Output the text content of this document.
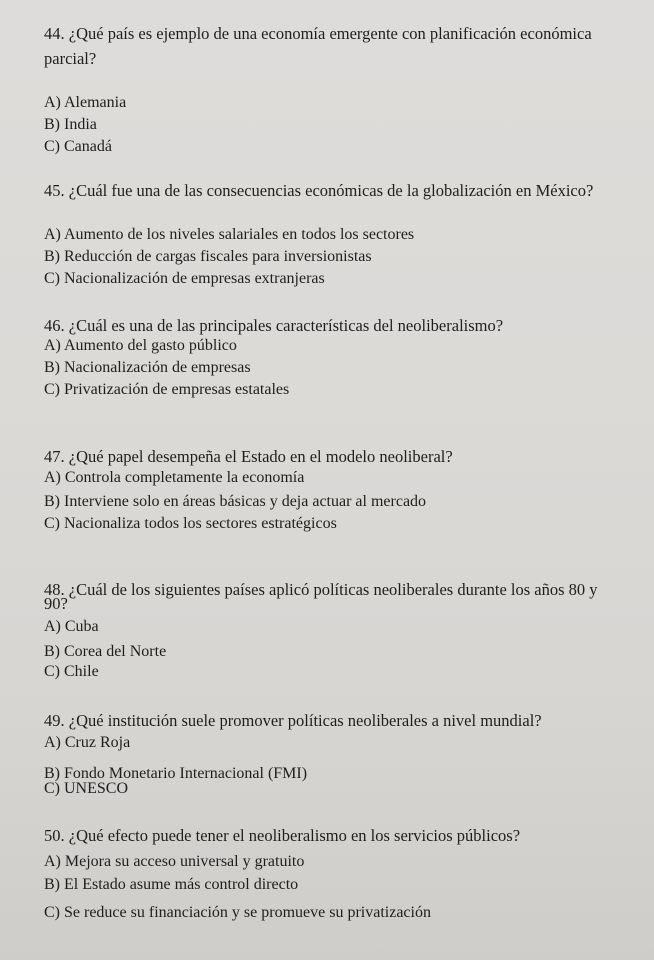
44. ¿Qué país es ejemplo de una economía emergente con planificación económica
parcial?
A) Alemania
B) India
C) Canadá
45. ¿Cuál fue una de las consecuencias económicas de la globalización en México?
A) Aumento de los niveles salariales en todos los sectores
B) Reducción de cargas fiscales para inversionistas
C) Nacionalización de empresas extranjeras
46. ¿Cuál es una de las principales características del neoliberalismo?
A) Aumento del gasto público
B) Nacionalización de empresas
C) Privatización de empresas estatales
47. ¿Qué papel desempeña el Estado en el modelo neoliberal?
A) Controla completamente la economía
B) Interviene solo en áreas básicas y deja actuar al mercado
C) Nacionaliza todos los sectores estratégicos
48. ¿Cuál de los siguientes países aplicó políticas neoliberales durante los años 80 y
90?
A) Cuba
B) Corea del Norte
C) Chile
49. ¿Qué institución suele promover políticas neoliberales a nivel mundial?
A) Cruz Roja
B) Fondo Monetario Internacional (FMI)
C) UNESCO
50. ¿Qué efecto puede tener el neoliberalismo en los servicios públicos?
A) Mejora su acceso universal y gratuito
B) El Estado asume más control directo
C) Se reduce su financiación y se promueve su privatización
